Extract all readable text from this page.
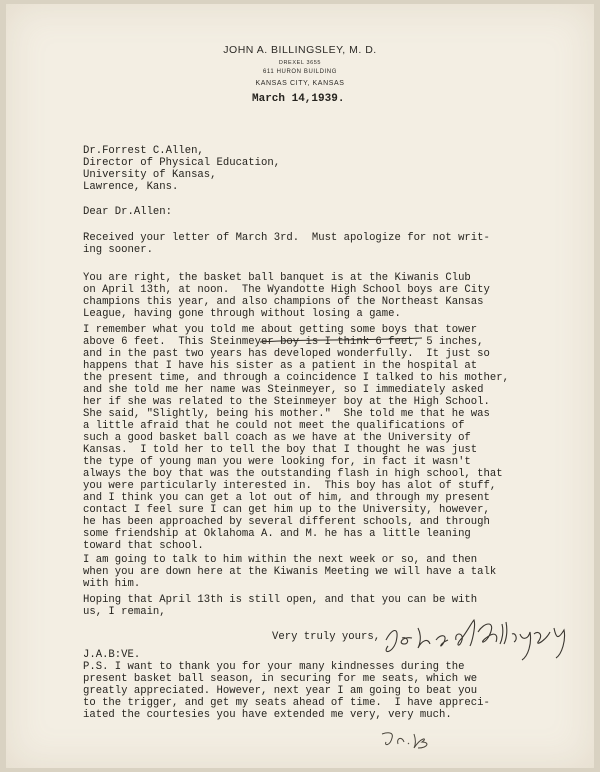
JOHN A. BILLINGSLEY, M. D.
DREXEL 3655
611 HURON BUILDING
KANSAS CITY, KANSAS
March 14,1939.
Dr.Forrest C.Allen,
Director of Physical Education,
University of Kansas,
Lawrence, Kans.
Dear Dr.Allen:
Received your letter of March 3rd.  Must apologize for not writ-
ing sooner.
You are right, the basket ball banquet is at the Kiwanis Club
on April 13th, at noon.  The Wyandotte High School boys are City
champions this year, and also champions of the Northeast Kansas
League, having gone through without losing a game.
I remember what you told me about getting some boys that tower
above 6 feet.  This Steinmeyer boy is I think 6 feet, 5 inches,
and in the past two years has developed wonderfully.  It just so
happens that I have his sister as a patient in the hospital at
the present time, and through a coincidence I talked to his mother,
and she told me her name was Steinmeyer, so I immediately asked
her if she was related to the Steinmeyer boy at the High School.
She said, "Slightly, being his mother."  She told me that he was
a little afraid that he could not meet the qualifications of
such a good basket ball coach as we have at the University of
Kansas.  I told her to tell the boy that I thought he was just
the type of young man you were looking for, in fact it wasn't
always the boy that was the outstanding flash in high school, that
you were particularly interested in.  This boy has alot of stuff,
and I think you can get a lot out of him, and through my present
contact I feel sure I can get him up to the University, however,
he has been approached by several different schools, and through
some friendship at Oklahoma A. and M. he has a little leaning
toward that school.
I am going to talk to him within the next week or so, and then
when you are down here at the Kiwanis Meeting we will have a talk
with him.
Hoping that April 13th is still open, and that you can be with
us, I remain,
Very truly yours,
J.A.B:VE.
P.S. I want to thank you for your many kindnesses during the
present basket ball season, in securing for me seats, which we
greatly appreciated. However, next year I am going to beat you
to the trigger, and get my seats ahead of time.  I have appreci-
iated the courtesies you have extended me very, very much.
